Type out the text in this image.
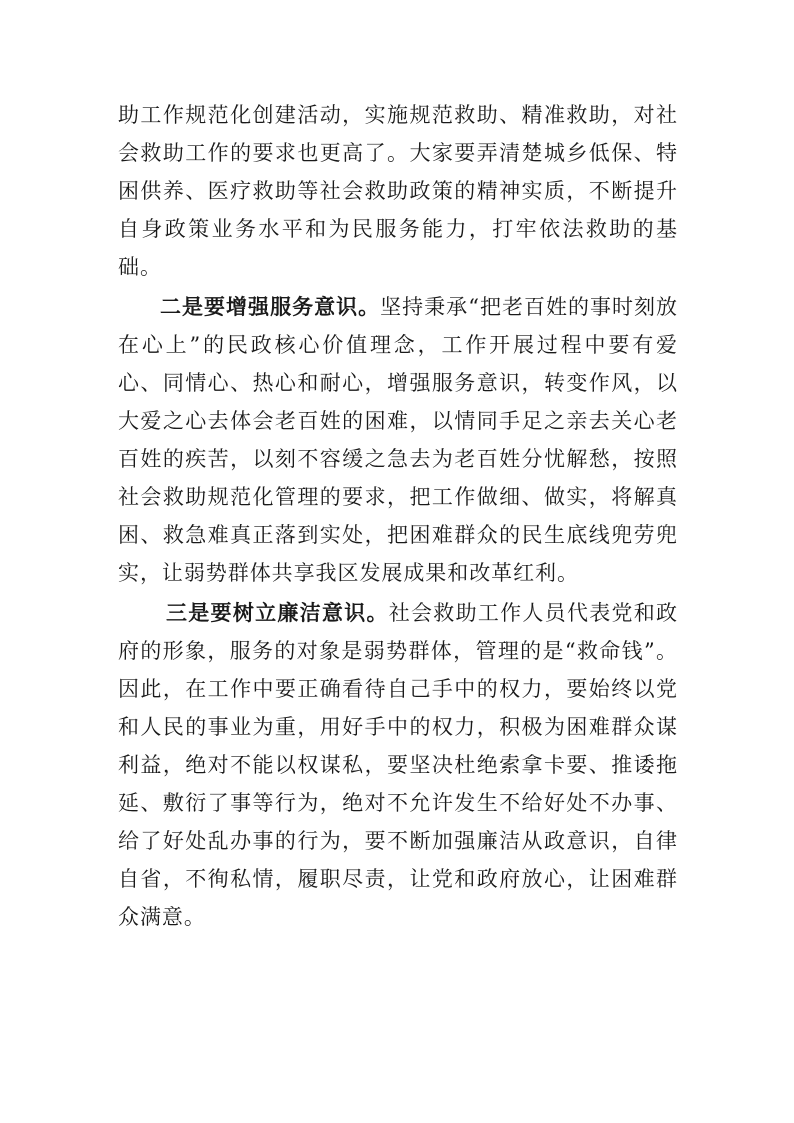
助工作规范化创建活动，实施规范救助、精准救助，对社会救助工作的要求也更高了。大家要弄清楚城乡低保、特困供养、医疗救助等社会救助政策的精神实质，不断提升自身政策业务水平和为民服务能力，打牢依法救助的基础。

二是要增强服务意识。坚持秉承“把老百姓的事时刻放在心上”的民政核心价值理念，工作开展过程中要有爱心、同情心、热心和耐心，增强服务意识，转变作风，以大爱之心去体会老百姓的困难，以情同手足之亲去关心老百姓的疾苦，以刻不容缓之急去为老百姓分忧解愁，按照社会救助规范化管理的要求，把工作做细、做实，将解真困、救急难真正落到实处，把困难群众的民生底线兜劳兜实，让弱势群体共享我区发展成果和改革红利。

三是要树立廉洁意识。社会救助工作人员代表党和政府的形象，服务的对象是弱势群体，管理的是“救命钱”。因此，在工作中要正确看待自己手中的权力，要始终以党和人民的事业为重，用好手中的权力，积极为困难群众谋利益，绝对不能以权谋私，要坚决杜绝索拿卡要、推诿拖延、敷衍了事等行为，绝对不允许发生不给好处不办事、给了好处乱办事的行为，要不断加强廉洁从政意识，自律自省，不徇私情，履职尽责，让党和政府放心，让困难群众满意。
